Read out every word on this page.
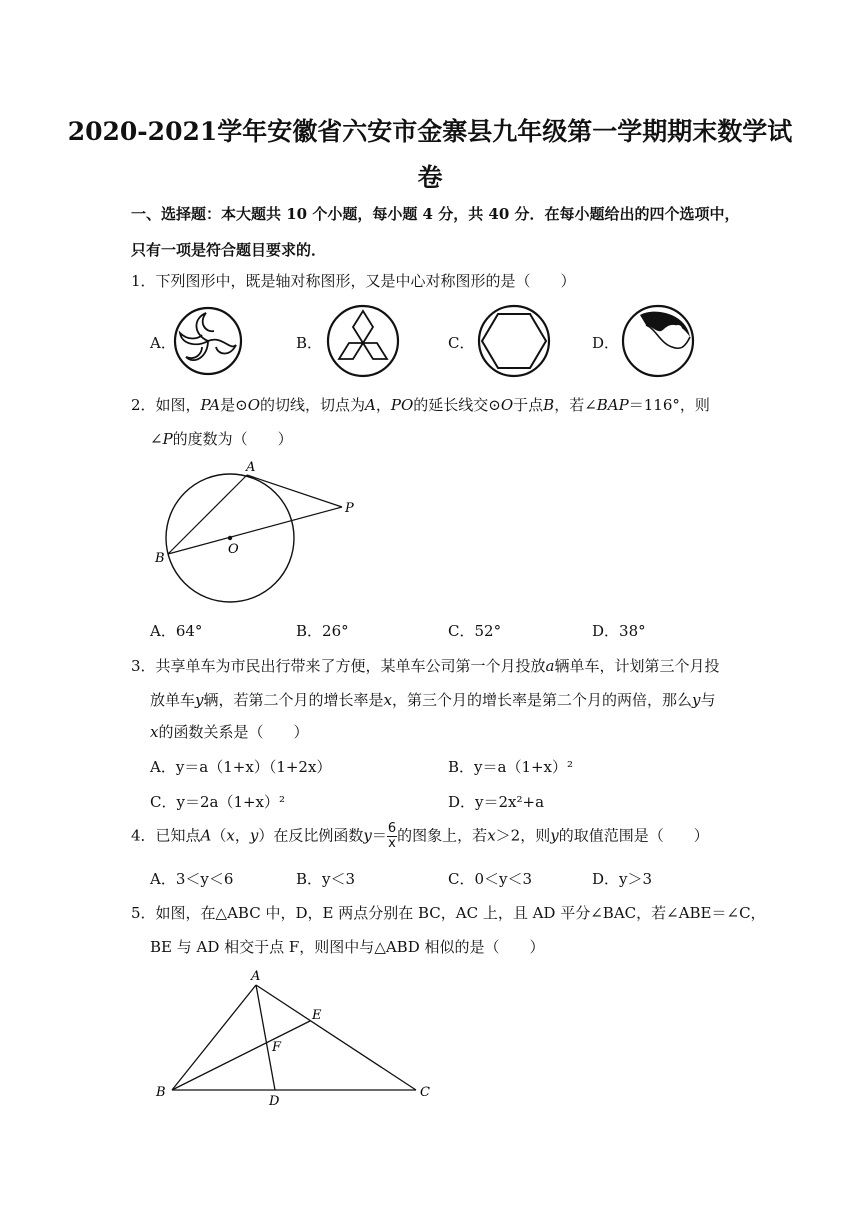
2020-2021学年安徽省六安市金寨县九年级第一学期期末数学试
卷
一、选择题：本大题共 10 个小题，每小题 4 分，共 40 分．在每小题给出的四个选项中，
只有一项是符合题目要求的．
1．下列图形中，既是轴对称图形，又是中心对称图形的是（　　）
A．	B．	C．	D．
2．如图，PA是⊙O的切线，切点为A，PO的延长线交⊙O于点B，若∠BAP＝116°，则
∠P的度数为（　　）
A
P
O
B
A．64°	B．26°	C．52°	D．38°
3．共享单车为市民出行带来了方便，某单车公司第一个月投放a辆单车，计划第三个月投
放单车y辆，若第二个月的增长率是x，第三个月的增长率是第二个月的两倍，那么y与
x的函数关系是（　　）
A．y＝a（1+x）（1+2x）	B．y＝a（1+x）²
C．y＝2a（1+x）²	D．y＝2x²+a
4．已知点A（x，y）在反比例函数$y= \frac{6}{x}$ 的图象上，若x＞2，则y的取值范围是（　　）
A．3＜y＜6	B．y＜3	C．0＜y＜3	D．y＞3
5．如图，在△ABC 中，D，E 两点分别在 BC，AC 上，且 AD 平分∠BAC，若∠ABE＝∠C，
BE 与 AD 相交于点 F，则图中与△ABD 相似的是（　　）
A
E
F
B
D
C
